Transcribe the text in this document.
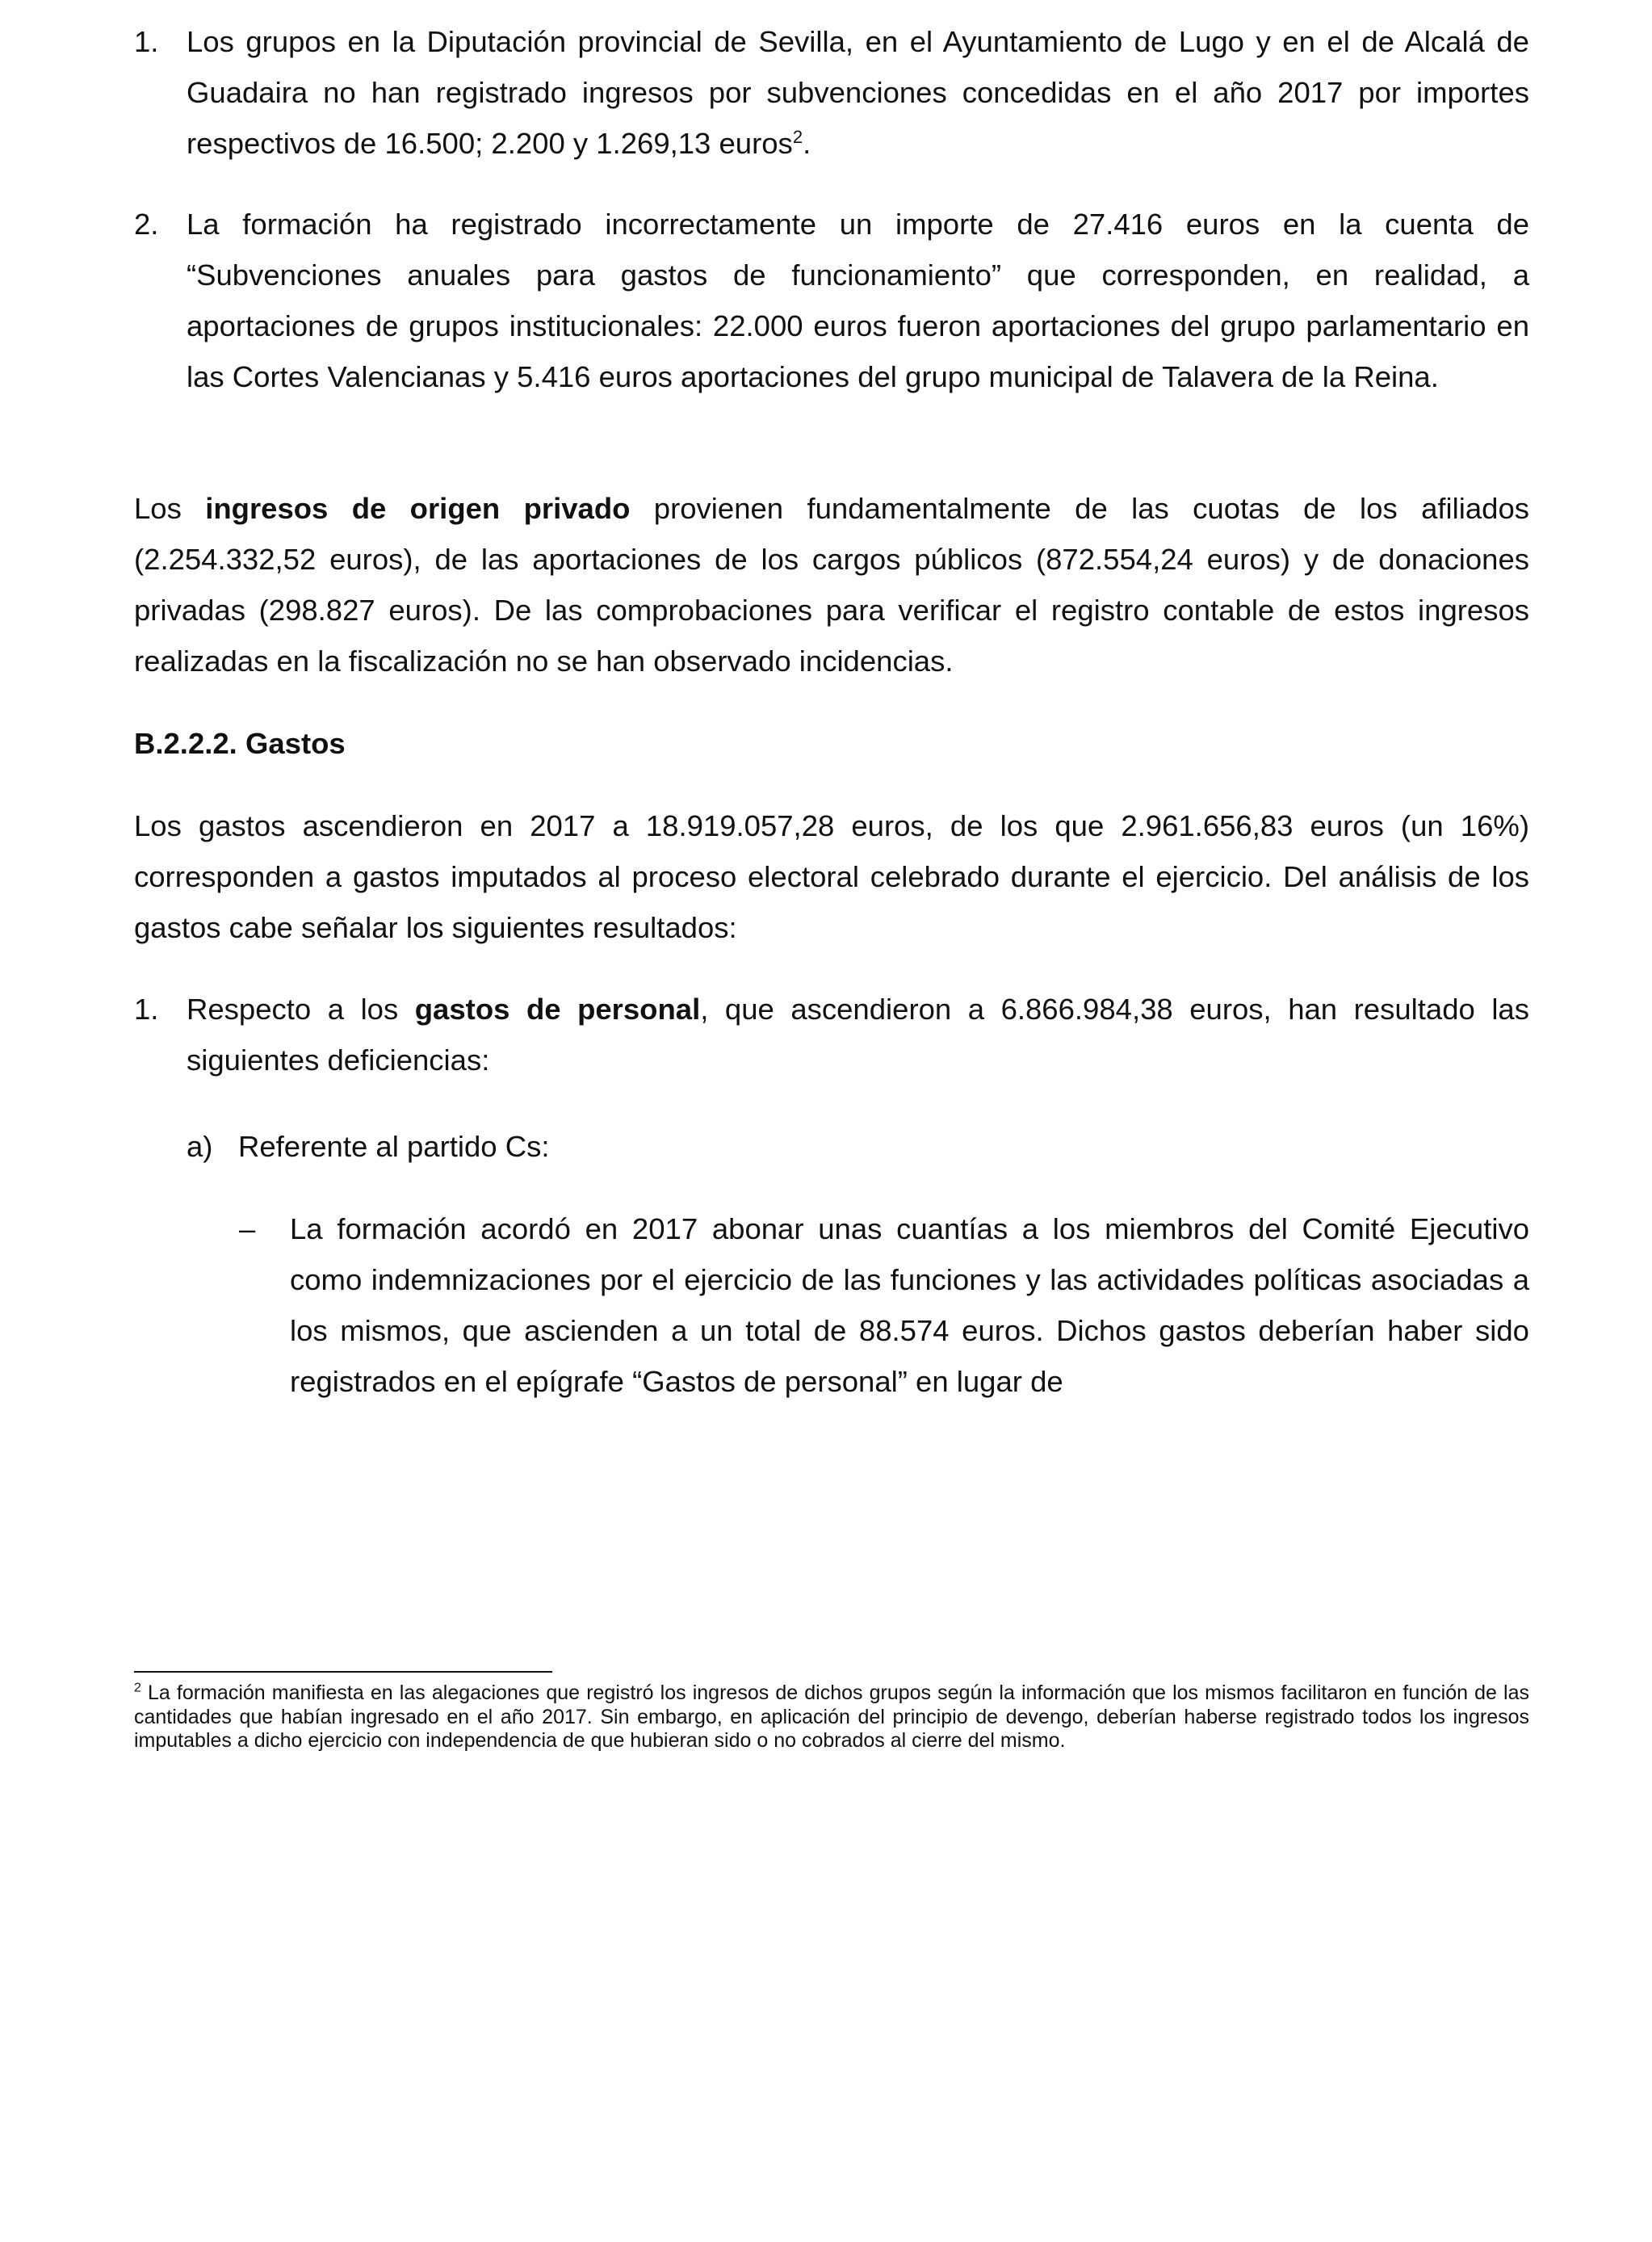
1. Los grupos en la Diputación provincial de Sevilla, en el Ayuntamiento de Lugo y en el de Alcalá de Guadaira no han registrado ingresos por subvenciones concedidas en el año 2017 por importes respectivos de 16.500; 2.200 y 1.269,13 euros$^2$.

2. La formación ha registrado incorrectamente un importe de 27.416 euros en la cuenta de “Subvenciones anuales para gastos de funcionamiento” que corresponden, en realidad, a aportaciones de grupos institucionales: 22.000 euros fueron aportaciones del grupo parlamentario en las Cortes Valencianas y 5.416 euros aportaciones del grupo municipal de Talavera de la Reina.

Los ingresos de origen privado provienen fundamentalmente de las cuotas de los afiliados (2.254.332,52 euros), de las aportaciones de los cargos públicos (872.554,24 euros) y de donaciones privadas (298.827 euros). De las comprobaciones para verificar el registro contable de estos ingresos realizadas en la fiscalización no se han observado incidencias.

B.2.2.2. Gastos

Los gastos ascendieron en 2017 a 18.919.057,28 euros, de los que 2.961.656,83 euros (un 16%) corresponden a gastos imputados al proceso electoral celebrado durante el ejercicio. Del análisis de los gastos cabe señalar los siguientes resultados:

1. Respecto a los gastos de personal, que ascendieron a 6.866.984,38 euros, han resultado las siguientes deficiencias:

a) Referente al partido Cs:

– La formación acordó en 2017 abonar unas cuantías a los miembros del Comité Ejecutivo como indemnizaciones por el ejercicio de las funciones y las actividades políticas asociadas a los mismos, que ascienden a un total de 88.574 euros. Dichos gastos deberían haber sido registrados en el epígrafe “Gastos de personal” en lugar de

$^2$ La formación manifiesta en las alegaciones que registró los ingresos de dichos grupos según la información que los mismos facilitaron en función de las cantidades que habían ingresado en el año 2017. Sin embargo, en aplicación del principio de devengo, deberían haberse registrado todos los ingresos imputables a dicho ejercicio con independencia de que hubieran sido o no cobrados al cierre del mismo.
